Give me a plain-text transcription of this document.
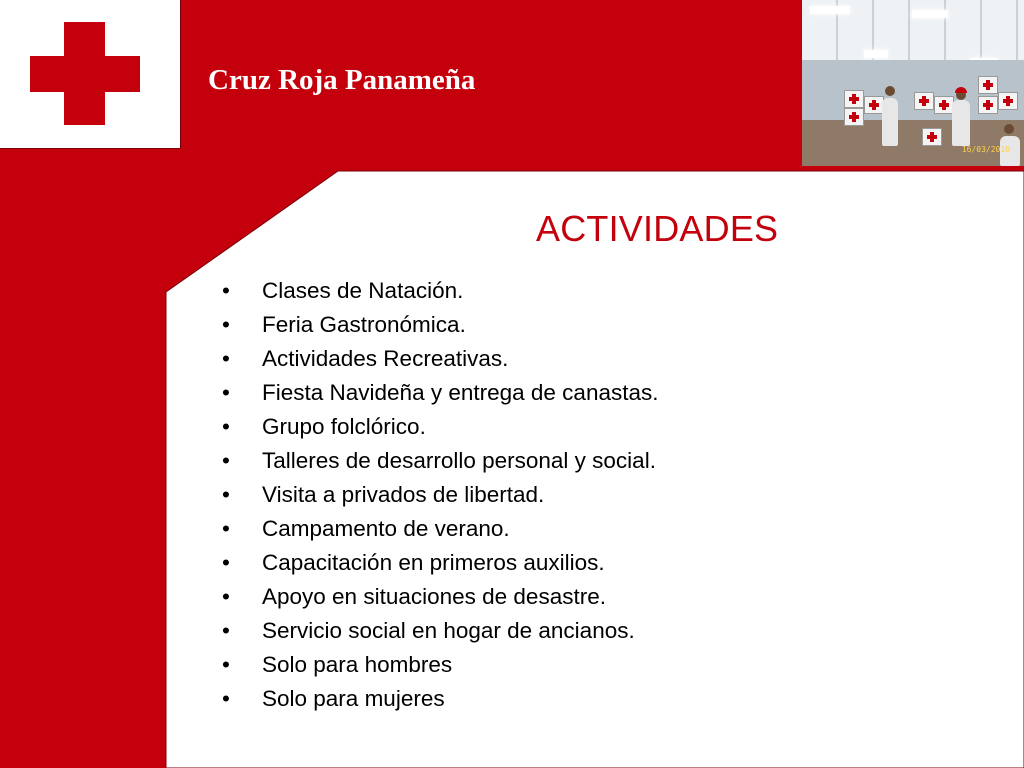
Cruz Roja Panameña
16/03/2010
ACTIVIDADES
• Clases de Natación.
• Feria Gastronómica.
• Actividades Recreativas.
• Fiesta Navideña y entrega de canastas.
• Grupo folclórico.
• Talleres de desarrollo personal y social.
• Visita a privados de libertad.
• Campamento de verano.
• Capacitación en primeros auxilios.
• Apoyo en situaciones de desastre.
• Servicio social en hogar de ancianos.
• Solo para hombres
• Solo para mujeres
